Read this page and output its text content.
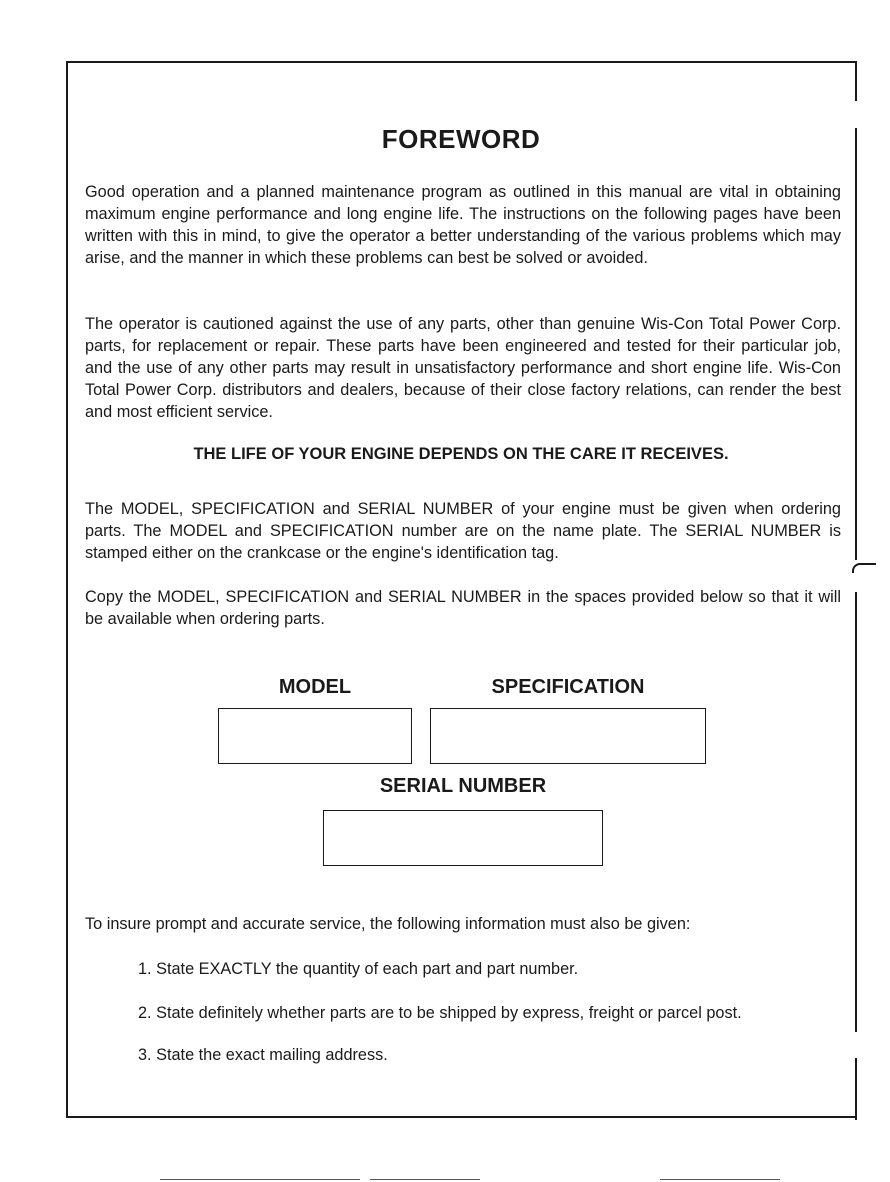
FOREWORD

Good operation and a planned maintenance program as outlined in this manual are vital in obtaining maximum engine performance and long engine life. The instructions on the following pages have been written with this in mind, to give the operator a better understanding of the various problems which may arise, and the manner in which these problems can best be solved or avoided.

The operator is cautioned against the use of any parts, other than genuine Wis-Con Total Power Corp. parts, for replacement or repair. These parts have been engineered and tested for their particular job, and the use of any other parts may result in unsatisfactory performance and short engine life. Wis-Con Total Power Corp. distributors and dealers, because of their close factory relations, can render the best and most efficient service.

THE LIFE OF YOUR ENGINE DEPENDS ON THE CARE IT RECEIVES.

The MODEL, SPECIFICATION and SERIAL NUMBER of your engine must be given when ordering parts. The MODEL and SPECIFICATION number are on the name plate. The SERIAL NUMBER is stamped either on the crankcase or the engine's identification tag.

Copy the MODEL, SPECIFICATION and SERIAL NUMBER in the spaces provided below so that it will be available when ordering parts.

MODEL	SPECIFICATION
SERIAL NUMBER
To insure prompt and accurate service, the following information must also be given:
1. State EXACTLY the quantity of each part and part number.
2. State definitely whether parts are to be shipped by express, freight or parcel post.
3. State the exact mailing address.
